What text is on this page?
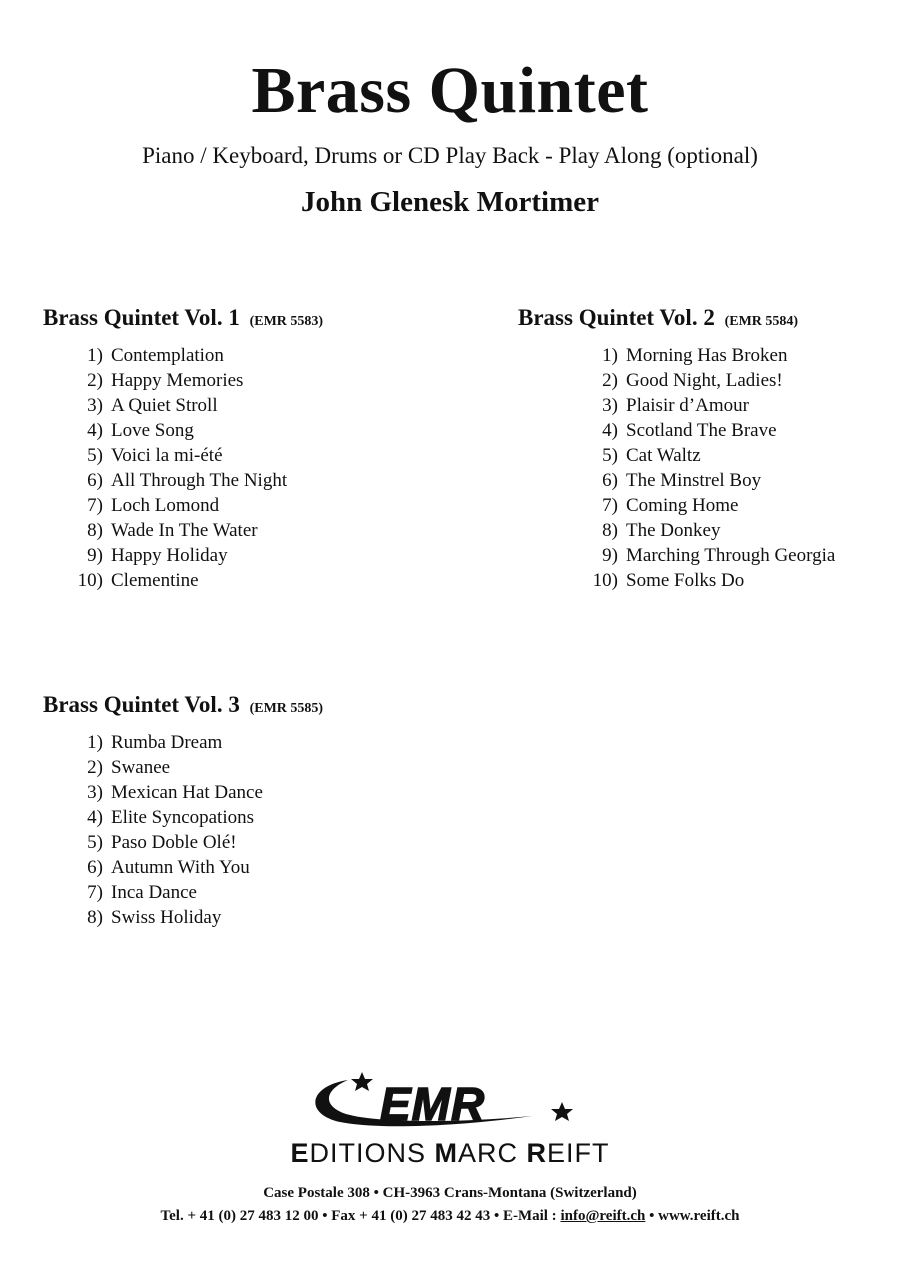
Brass Quintet
Piano / Keyboard, Drums or CD Play Back - Play Along (optional)
John Glenesk Mortimer
Brass Quintet Vol. 1 (EMR 5583)
1) Contemplation
2) Happy Memories
3) A Quiet Stroll
4) Love Song
5) Voici la mi-été
6) All Through The Night
7) Loch Lomond
8) Wade In The Water
9) Happy Holiday
10) Clementine
Brass Quintet Vol. 2 (EMR 5584)
1) Morning Has Broken
2) Good Night, Ladies!
3) Plaisir d’Amour
4) Scotland The Brave
5) Cat Waltz
6) The Minstrel Boy
7) Coming Home
8) The Donkey
9) Marching Through Georgia
10) Some Folks Do
Brass Quintet Vol. 3 (EMR 5585)
1) Rumba Dream
2) Swanee
3) Mexican Hat Dance
4) Elite Syncopations
5) Paso Doble Olé!
6) Autumn With You
7) Inca Dance
8) Swiss Holiday
EMR
EDITIONS MARC REIFT
Case Postale 308 • CH-3963 Crans-Montana (Switzerland)
Tel. + 41 (0) 27 483 12 00 • Fax + 41 (0) 27 483 42 43 • E-Mail : info@reift.ch • www.reift.ch
